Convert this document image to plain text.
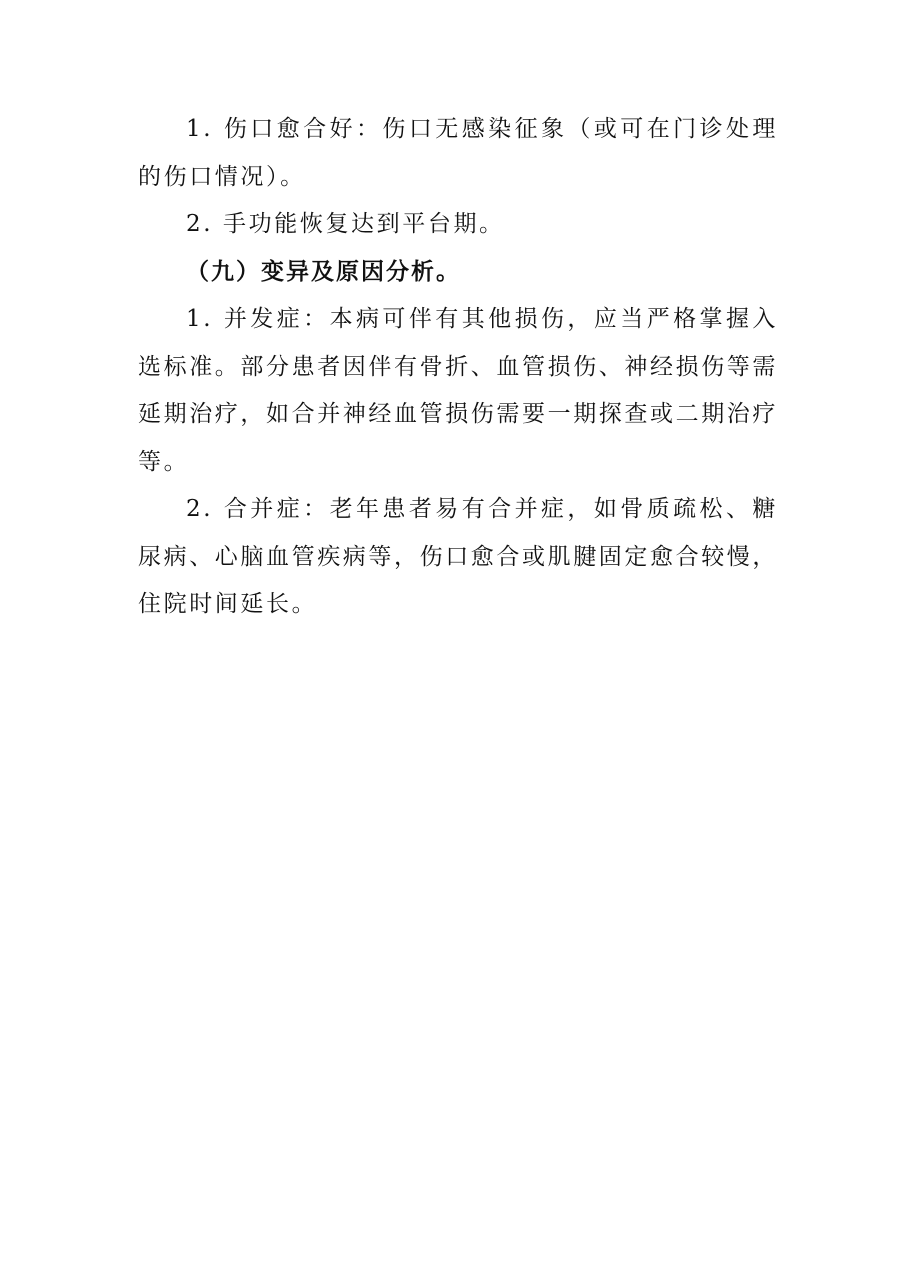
1. 伤口愈合好：伤口无感染征象（或可在门诊处理的伤口情况）。

2. 手功能恢复达到平台期。

（九）变异及原因分析。

1. 并发症：本病可伴有其他损伤，应当严格掌握入选标准。部分患者因伴有骨折、血管损伤、神经损伤等需延期治疗，如合并神经血管损伤需要一期探查或二期治疗等。

2. 合并症：老年患者易有合并症，如骨质疏松、糖尿病、心脑血管疾病等，伤口愈合或肌腱固定愈合较慢，住院时间延长。
